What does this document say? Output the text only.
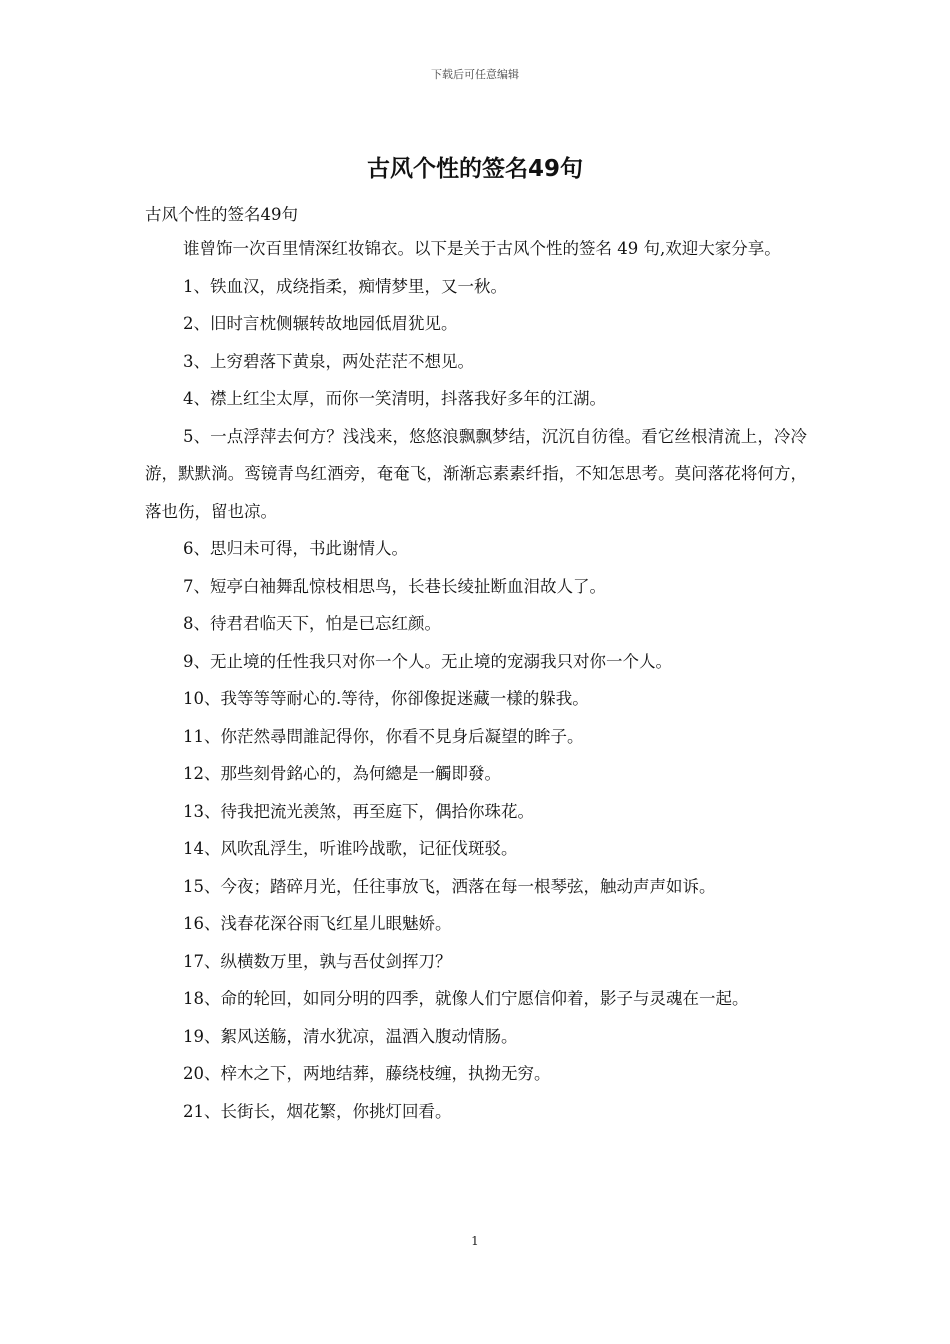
下载后可任意编辑
古风个性的签名49句

古风个性的签名49句

谁曾饰一次百里情深红妆锦衣。以下是关于古风个性的签名 49 句,欢迎大家分享。

1、铁血汉，成绕指柔，痴情梦里，又一秋。

2、旧时言枕侧辗转故地园低眉犹见。

3、上穷碧落下黄泉，两处茫茫不想见。

4、襟上红尘太厚，而你一笑清明，抖落我好多年的江湖。

5、一点浮萍去何方？浅浅来，悠悠浪飘飘梦结，沉沉自彷徨。看它丝根清流上，冷冷游，默默淌。鸾镜青鸟红酒旁，奄奄飞，渐渐忘素素纤指，不知怎思考。莫问落花将何方，落也伤，留也凉。

6、思归未可得，书此谢情人。

7、短亭白袖舞乱惊枝相思鸟，长巷长绫扯断血泪故人了。

8、待君君临天下，怕是已忘红颜。

9、无止境的任性我只对你一个人。无止境的宠溺我只对你一个人。

10、我等等等耐心的.等待，你卻像捉迷藏一樣的躲我。

11、你茫然尋問誰記得你，你看不見身后凝望的眸子。

12、那些刻骨銘心的，為何總是一觸即發。

13、待我把流光羡煞，再至庭下，偶拾你珠花。

14、风吹乱浮生，听谁吟战歌，记征伐斑驳。

15、今夜；踏碎月光，任往事放飞，洒落在每一根琴弦，触动声声如诉。

16、浅春花深谷雨飞红星儿眼魅娇。

17、纵横数万里，孰与吾仗剑挥刀？

18、命的轮回，如同分明的四季，就像人们宁愿信仰着，影子与灵魂在一起。

19、絮风送觞，清水犹凉，温酒入腹动情肠。

20、梓木之下，两地结葬，藤绕枝缠，执拗无穷。

21、长街长，烟花繁，你挑灯回看。

1
